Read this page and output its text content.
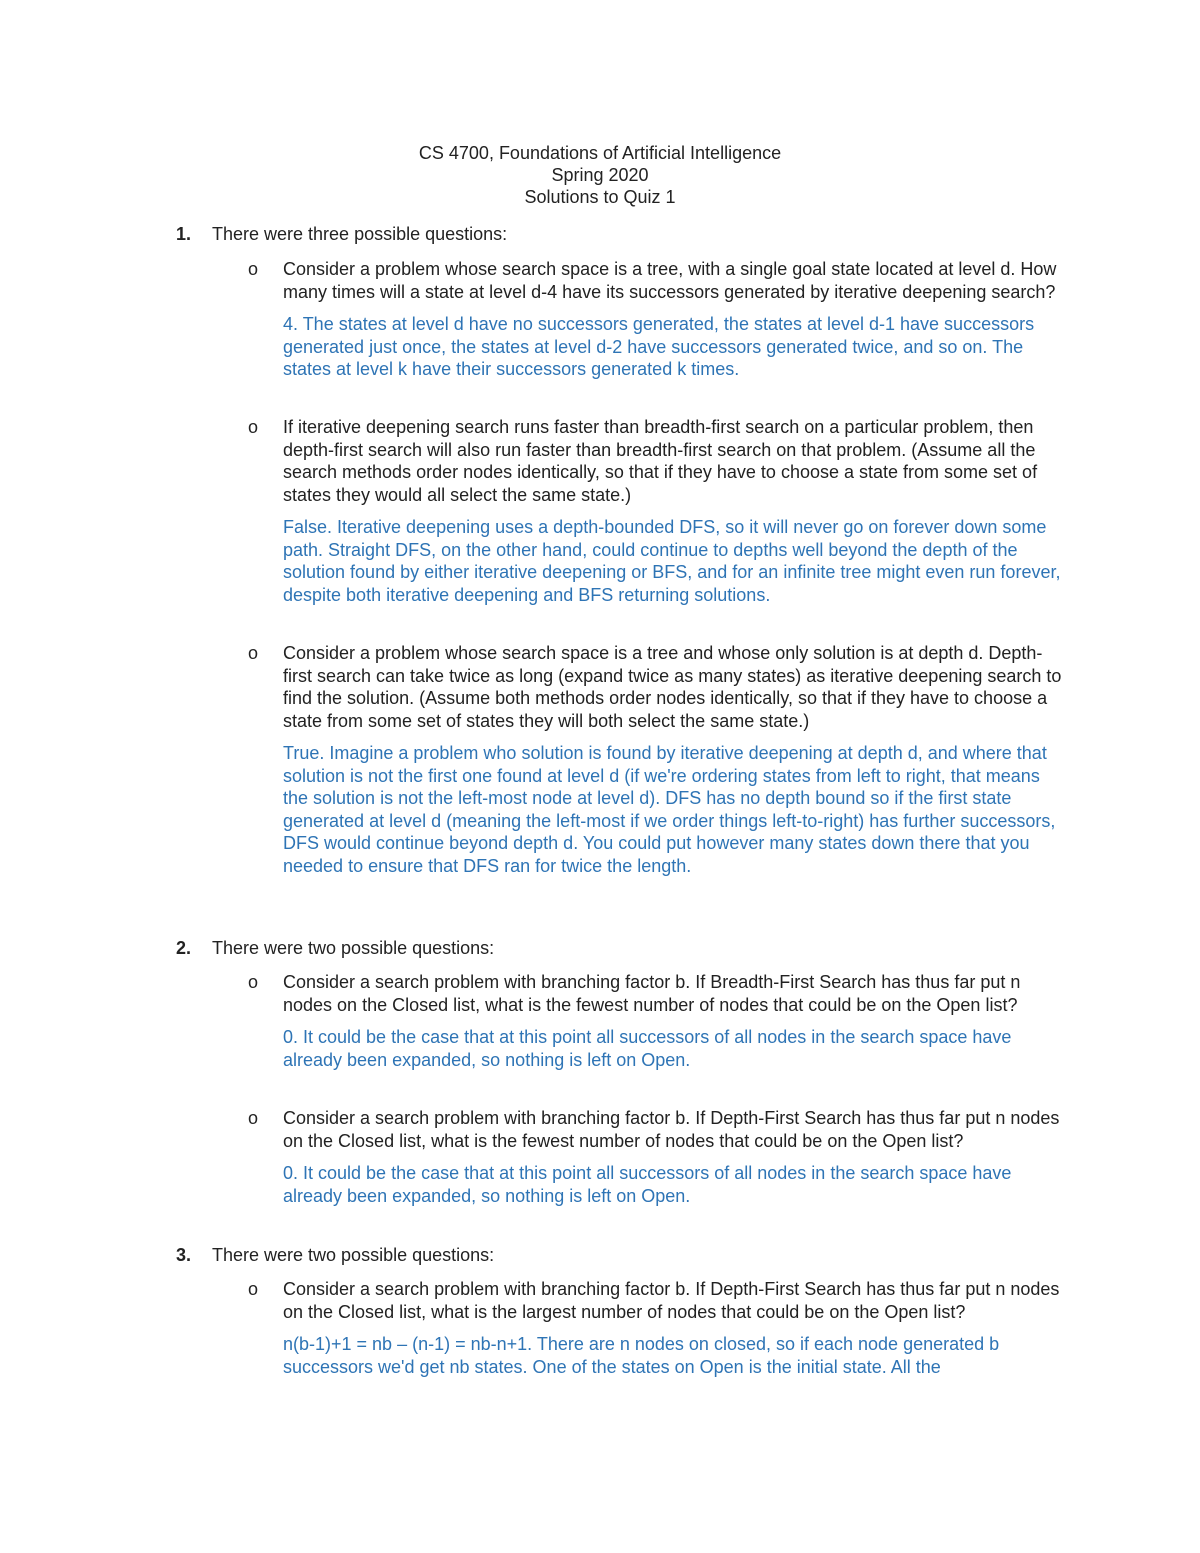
CS 4700, Foundations of Artificial Intelligence
Spring 2020
Solutions to Quiz 1
1. There were three possible questions:
o Consider a problem whose search space is a tree, with a single goal state located at level d. How many times will a state at level d-4 have its successors generated by iterative deepening search?
4. The states at level d have no successors generated, the states at level d-1 have successors generated just once, the states at level d-2 have successors generated twice, and so on. The states at level k have their successors generated k times.
o If iterative deepening search runs faster than breadth-first search on a particular problem, then depth-first search will also run faster than breadth-first search on that problem. (Assume all the search methods order nodes identically, so that if they have to choose a state from some set of states they would all select the same state.)
False. Iterative deepening uses a depth-bounded DFS, so it will never go on forever down some path. Straight DFS, on the other hand, could continue to depths well beyond the depth of the solution found by either iterative deepening or BFS, and for an infinite tree might even run forever, despite both iterative deepening and BFS returning solutions.
o Consider a problem whose search space is a tree and whose only solution is at depth d. Depth-first search can take twice as long (expand twice as many states) as iterative deepening search to find the solution. (Assume both methods order nodes identically, so that if they have to choose a state from some set of states they will both select the same state.)
True. Imagine a problem who solution is found by iterative deepening at depth d, and where that solution is not the first one found at level d (if we're ordering states from left to right, that means the solution is not the left-most node at level d). DFS has no depth bound so if the first state generated at level d (meaning the left-most if we order things left-to-right) has further successors, DFS would continue beyond depth d. You could put however many states down there that you needed to ensure that DFS ran for twice the length.
2. There were two possible questions:
o Consider a search problem with branching factor b. If Breadth-First Search has thus far put n nodes on the Closed list, what is the fewest number of nodes that could be on the Open list?
0. It could be the case that at this point all successors of all nodes in the search space have already been expanded, so nothing is left on Open.
o Consider a search problem with branching factor b. If Depth-First Search has thus far put n nodes on the Closed list, what is the fewest number of nodes that could be on the Open list?
0. It could be the case that at this point all successors of all nodes in the search space have already been expanded, so nothing is left on Open.
3. There were two possible questions:
o Consider a search problem with branching factor b. If Depth-First Search has thus far put n nodes on the Closed list, what is the largest number of nodes that could be on the Open list?
n(b-1)+1 = nb – (n-1) = nb-n+1. There are n nodes on closed, so if each node generated b successors we'd get nb states. One of the states on Open is the initial state. All the
